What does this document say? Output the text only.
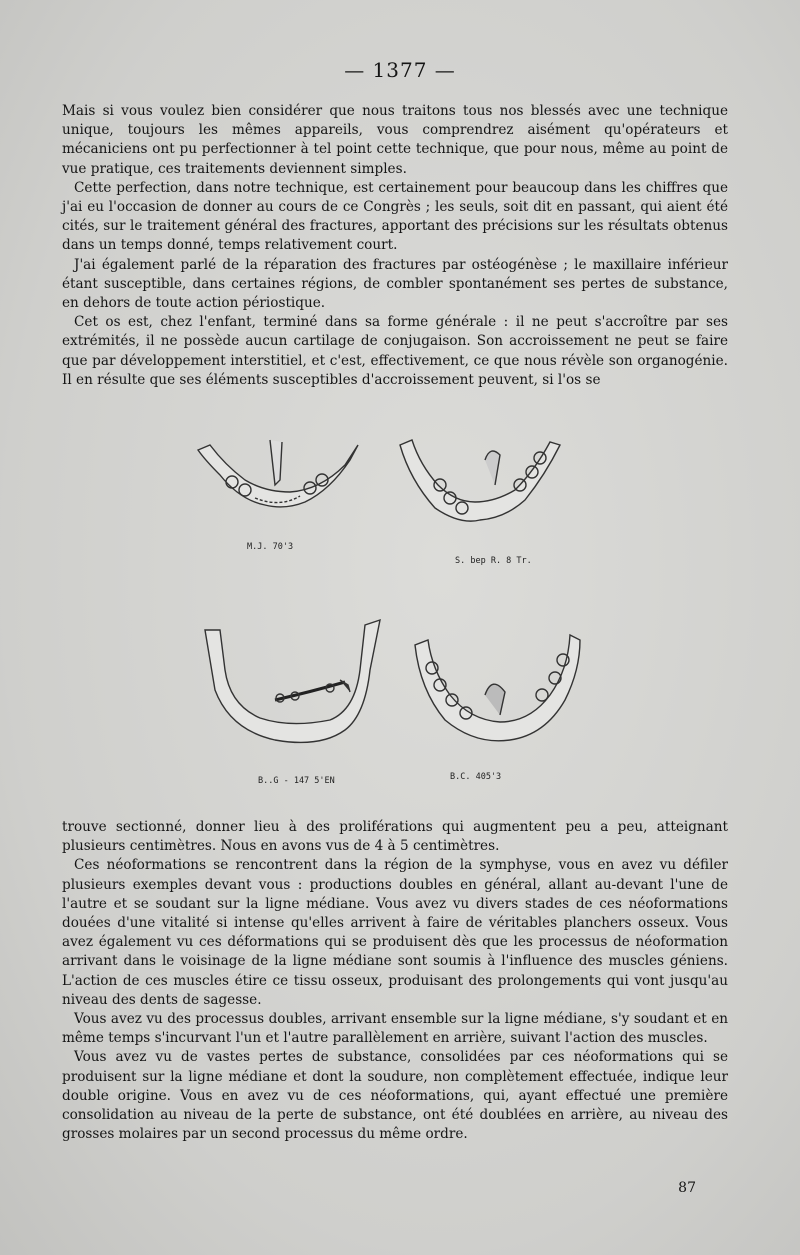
— 1377 —

Mais si vous voulez bien considérer que nous traitons tous nos blessés avec une technique unique, toujours les mêmes appareils, vous comprendrez aisément qu'opérateurs et mécaniciens ont pu perfectionner à tel point cette technique, que pour nous, même au point de vue pratique, ces traitements deviennent simples.

Cette perfection, dans notre technique, est certainement pour beaucoup dans les chiffres que j'ai eu l'occasion de donner au cours de ce Congrès ; les seuls, soit dit en passant, qui aient été cités, sur le traitement général des fractures, apportant des précisions sur les résultats obtenus dans un temps donné, temps relativement court.

J'ai également parlé de la réparation des fractures par ostéogénèse ; le maxillaire inférieur étant susceptible, dans certaines régions, de combler spontanément ses pertes de substance, en dehors de toute action périostique.

Cet os est, chez l'enfant, terminé dans sa forme générale : il ne peut s'accroître par ses extrémités, il ne possède aucun cartilage de conjugaison. Son accroissement ne peut se faire que par développement interstitiel, et c'est, effectivement, ce que nous révèle son organogénie. Il en résulte que ses éléments susceptibles d'accroissement peuvent, si l'os se

M.J. 70'3
S. bep R. 8 Tr.
B..G - 147 5'EN	B.C. 405'3

trouve sectionné, donner lieu à des proliférations qui augmentent peu a peu, atteignant plusieurs centimètres. Nous en avons vus de 4 à 5 centimètres.

Ces néoformations se rencontrent dans la région de la symphyse, vous en avez vu défiler plusieurs exemples devant vous : productions doubles en général, allant au-devant l'une de l'autre et se soudant sur la ligne médiane. Vous avez vu divers stades de ces néoformations douées d'une vitalité si intense qu'elles arrivent à faire de véritables planchers osseux. Vous avez également vu ces déformations qui se produisent dès que les processus de néoformation arrivant dans le voisinage de la ligne médiane sont soumis à l'influence des muscles géniens. L'action de ces muscles étire ce tissu osseux, produisant des prolongements qui vont jusqu'au niveau des dents de sagesse.

Vous avez vu des processus doubles, arrivant ensemble sur la ligne médiane, s'y soudant et en même temps s'incurvant l'un et l'autre parallèlement en arrière, suivant l'action des muscles.

Vous avez vu de vastes pertes de substance, consolidées par ces néoformations qui se produisent sur la ligne médiane et dont la soudure, non complètement effectuée, indique leur double origine. Vous en avez vu de ces néoformations, qui, ayant effectué une première consolidation au niveau de la perte de substance, ont été doublées en arrière, au niveau des grosses molaires par un second processus du même ordre.

87
